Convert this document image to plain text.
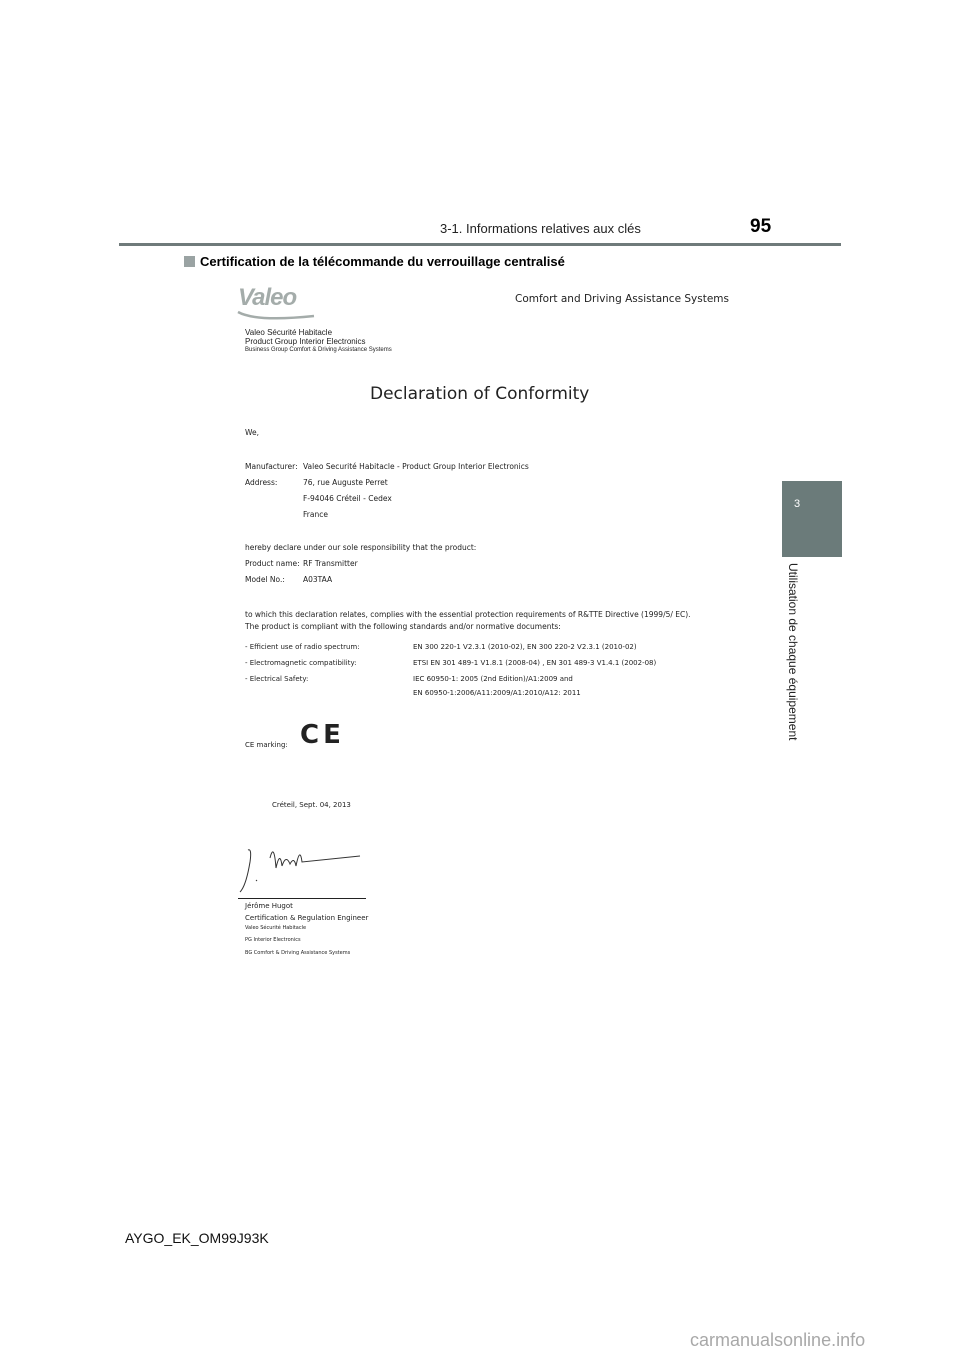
3-1. Informations relatives aux clés	95
Certification de la télécommande du verrouillage centralisé
3
Utilisation de chaque équipement
Valeo	Comfort and Driving Assistance Systems
Valeo Sécurité Habitacle
Product Group Interior Electronics
Business Group Comfort & Driving Assistance Systems
Declaration of Conformity
We,
Manufacturer: Valeo Securité Habitacle - Product Group Interior Electronics
Address:	76, rue Auguste Perret
F-94046 Créteil - Cedex
France
hereby declare under our sole responsibility that the product:
Product name: RF Transmitter
Model No.: A03TAA
to which this declaration relates, complies with the essential protection requirements of R&TTE Directive (1999/5/ EC).
The product is compliant with the following standards and/or normative documents:
- Efficient use of radio spectrum:	EN 300 220-1 V2.3.1 (2010-02), EN 300 220-2 V2.3.1 (2010-02)
- Electromagnetic compatibility:	ETSI EN 301 489-1 V1.8.1 (2008-04) , EN 301 489-3 V1.4.1 (2002-08)
- Electrical Safety:	IEC 60950-1: 2005 (2nd Edition)/A1:2009 and
EN 60950-1:2006/A11:2009/A1:2010/A12: 2011
CE marking: CE
Créteil, Sept. 04, 2013
Jérôme Hugot
Certification & Regulation Engineer
Valeo Sécurité Habitacle
PG Interior Electronics
BG Comfort & Driving Assistance Systems
AYGO_EK_OM99J93K
carmanualsonline.info
